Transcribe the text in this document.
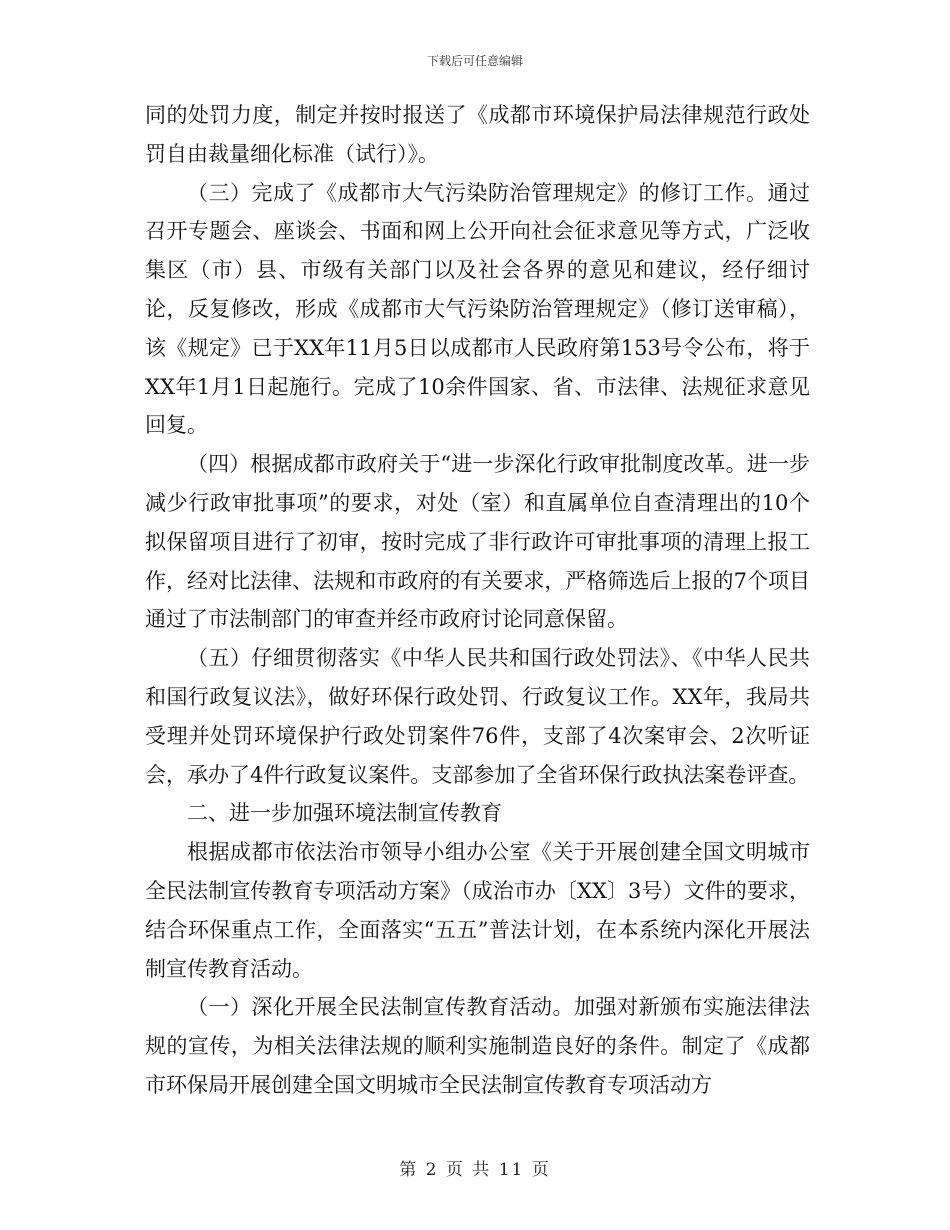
下载后可任意编辑

同的处罚力度，制定并按时报送了《成都市环境保护局法律规范行政处罚自由裁量细化标准（试行）》。

（三）完成了《成都市大气污染防治管理规定》的修订工作。通过召开专题会、座谈会、书面和网上公开向社会征求意见等方式，广泛收集区（市）县、市级有关部门以及社会各界的意见和建议，经仔细讨论，反复修改，形成《成都市大气污染防治管理规定》（修订送审稿），该《规定》已于XX年11月5日以成都市人民政府第153号令公布，将于XX年1月1日起施行。完成了10余件国家、省、市法律、法规征求意见回复。

（四）根据成都市政府关于“进一步深化行政审批制度改革。进一步减少行政审批事项”的要求，对处（室）和直属单位自查清理出的10个拟保留项目进行了初审，按时完成了非行政许可审批事项的清理上报工作，经对比法律、法规和市政府的有关要求，严格筛选后上报的7个项目通过了市法制部门的审查并经市政府讨论同意保留。

（五）仔细贯彻落实《中华人民共和国行政处罚法》、《中华人民共和国行政复议法》，做好环保行政处罚、行政复议工作。XX年，我局共受理并处罚环境保护行政处罚案件76件，支部了4次案审会、2次听证会，承办了4件行政复议案件。支部参加了全省环保行政执法案卷评查。

二、进一步加强环境法制宣传教育

根据成都市依法治市领导小组办公室《关于开展创建全国文明城市全民法制宣传教育专项活动方案》（成治市办〔XX〕3号）文件的要求，结合环保重点工作，全面落实“五五”普法计划，在本系统内深化开展法制宣传教育活动。

（一）深化开展全民法制宣传教育活动。加强对新颁布实施法律法规的宣传，为相关法律法规的顺利实施制造良好的条件。制定了《成都市环保局开展创建全国文明城市全民法制宣传教育专项活动方

第 2 页 共 11 页
